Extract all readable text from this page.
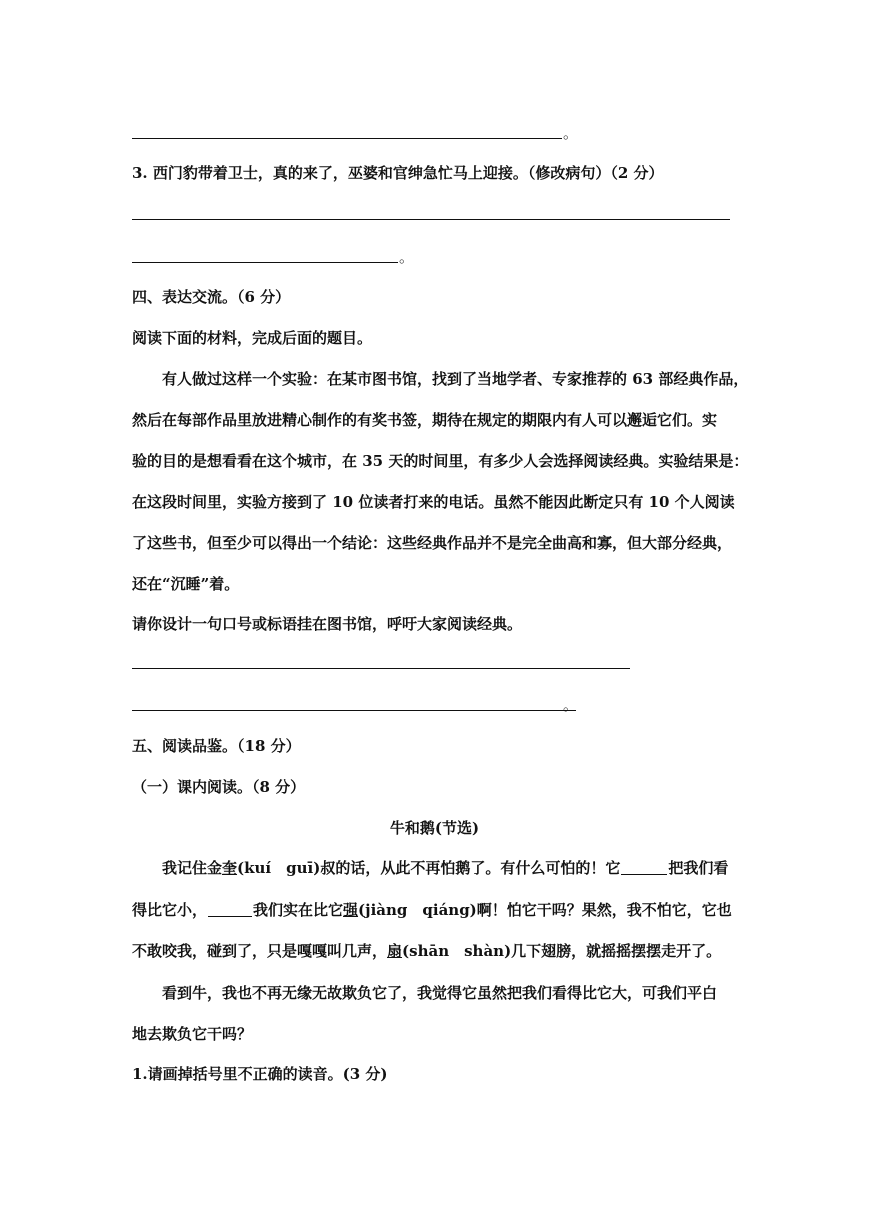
。
3. 西门豹带着卫士，真的来了，巫婆和官绅急忙马上迎接。（修改病句）（2 分）
。
四、表达交流。（6 分）
阅读下面的材料，完成后面的题目。
有人做过这样一个实验：在某市图书馆，找到了当地学者、专家推荐的 63 部经典作品，
然后在每部作品里放进精心制作的有奖书签，期待在规定的期限内有人可以邂逅它们。实
验的目的是想看看在这个城市，在 35 天的时间里，有多少人会选择阅读经典。实验结果是：
在这段时间里，实验方接到了 10 位读者打来的电话。虽然不能因此断定只有 10 个人阅读
了这些书，但至少可以得出一个结论：这些经典作品并不是完全曲高和寡，但大部分经典，
还在“沉睡”着。
请你设计一句口号或标语挂在图书馆，呼吁大家阅读经典。
。
五、阅读品鉴。（18 分）
（一）课内阅读。（8 分）
牛和鹅(节选)
我记住金奎(kuí　guī)叔的话，从此不再怕鹅了。有什么可怕的！它	把我们看
得比它小，	我们实在比它强(jiàng　qiáng)啊！怕它干吗？果然，我不怕它，它也
不敢咬我，碰到了，只是嘎嘎叫几声，扇(shān　shàn)几下翅膀，就摇摇摆摆走开了。
看到牛，我也不再无缘无故欺负它了，我觉得它虽然把我们看得比它大，可我们平白
地去欺负它干吗？
1.请画掉括号里不正确的读音。(3 分)
